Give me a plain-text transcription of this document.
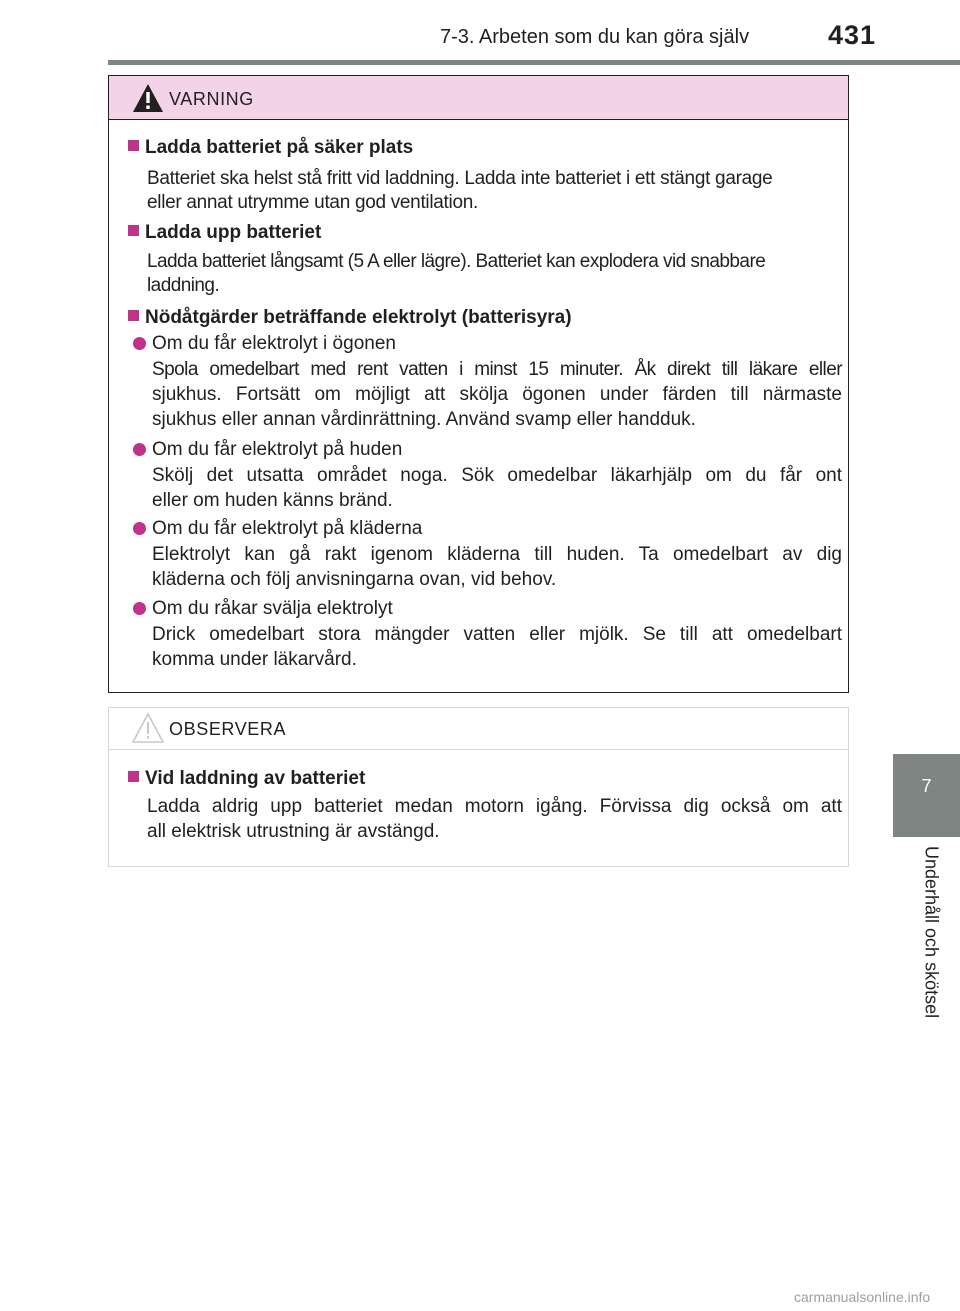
7-3. Arbeten som du kan göra själv	431
7
Underhåll och skötsel
VARNING
Ladda batteriet på säker plats
Batteriet ska helst stå fritt vid laddning. Ladda inte batteriet i ett stängt garage
eller annat utrymme utan god ventilation.
Ladda upp batteriet
Ladda batteriet långsamt (5 A eller lägre). Batteriet kan explodera vid snabbare
laddning.
Nödåtgärder beträffande elektrolyt (batterisyra)
Om du får elektrolyt i ögonen
Spola omedelbart med rent vatten i minst 15 minuter. Åk direkt till läkare eller
sjukhus. Fortsätt om möjligt att skölja ögonen under färden till närmaste
sjukhus eller annan vårdinrättning. Använd svamp eller handduk.
Om du får elektrolyt på huden
Skölj det utsatta området noga. Sök omedelbar läkarhjälp om du får ont
eller om huden känns bränd.
Om du får elektrolyt på kläderna
Elektrolyt kan gå rakt igenom kläderna till huden. Ta omedelbart av dig
kläderna och följ anvisningarna ovan, vid behov.
Om du råkar svälja elektrolyt
Drick omedelbart stora mängder vatten eller mjölk. Se till att omedelbart
komma under läkarvård.
OBSERVERA
Vid laddning av batteriet
Ladda aldrig upp batteriet medan motorn igång. Förvissa dig också om att
all elektrisk utrustning är avstängd.
carmanualsonline.info
